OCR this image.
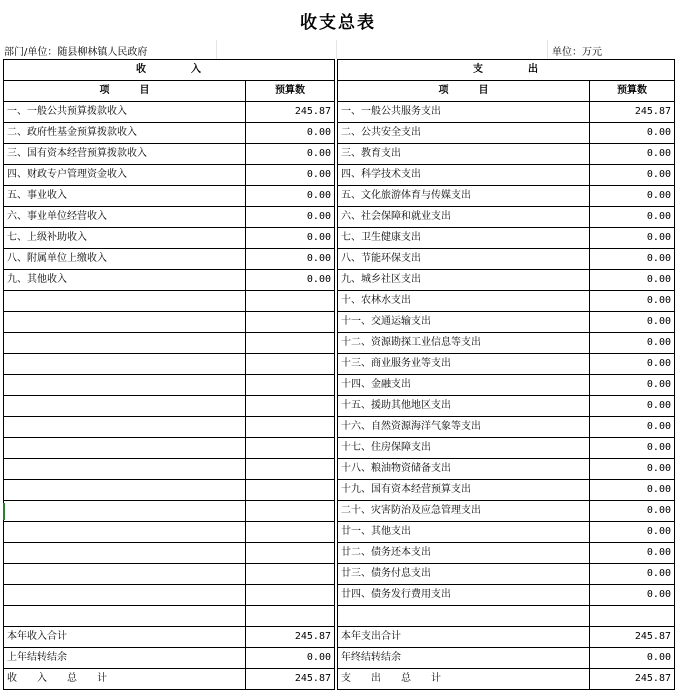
收支总表
部门/单位：随县柳林镇人民政府	单位：万元
收　　　　入			支　　　　出	
项　　　目	预算数		项　　　目	预算数
一、一般公共预算拨款收入	245.87		一、一般公共服务支出	245.87
二、政府性基金预算拨款收入	0.00		二、公共安全支出	0.00
三、国有资本经营预算拨款收入	0.00		三、教育支出	0.00
四、财政专户管理资金收入	0.00		四、科学技术支出	0.00
五、事业收入	0.00		五、文化旅游体育与传媒支出	0.00
六、事业单位经营收入	0.00		六、社会保障和就业支出	0.00
七、上级补助收入	0.00		七、卫生健康支出	0.00
八、附属单位上缴收入	0.00		八、节能环保支出	0.00
九、其他收入	0.00		九、城乡社区支出	0.00
			十、农林水支出	0.00
			十一、交通运输支出	0.00
			十二、资源勘探工业信息等支出	0.00
			十三、商业服务业等支出	0.00
			十四、金融支出	0.00
			十五、援助其他地区支出	0.00
			十六、自然资源海洋气象等支出	0.00
			十七、住房保障支出	0.00
			十八、粮油物资储备支出	0.00
			十九、国有资本经营预算支出	0.00
			二十、灾害防治及应急管理支出	0.00
			廿一、其他支出	0.00
			廿二、债务还本支出	0.00
			廿三、债务付息支出	0.00
			廿四、债务发行费用支出	0.00

本年收入合计	245.87		本年支出合计	245.87
上年结转结余	0.00		年终结转结余	0.00
收　　入　　总　　计	245.87		支　　出　　总　　计	245.87
